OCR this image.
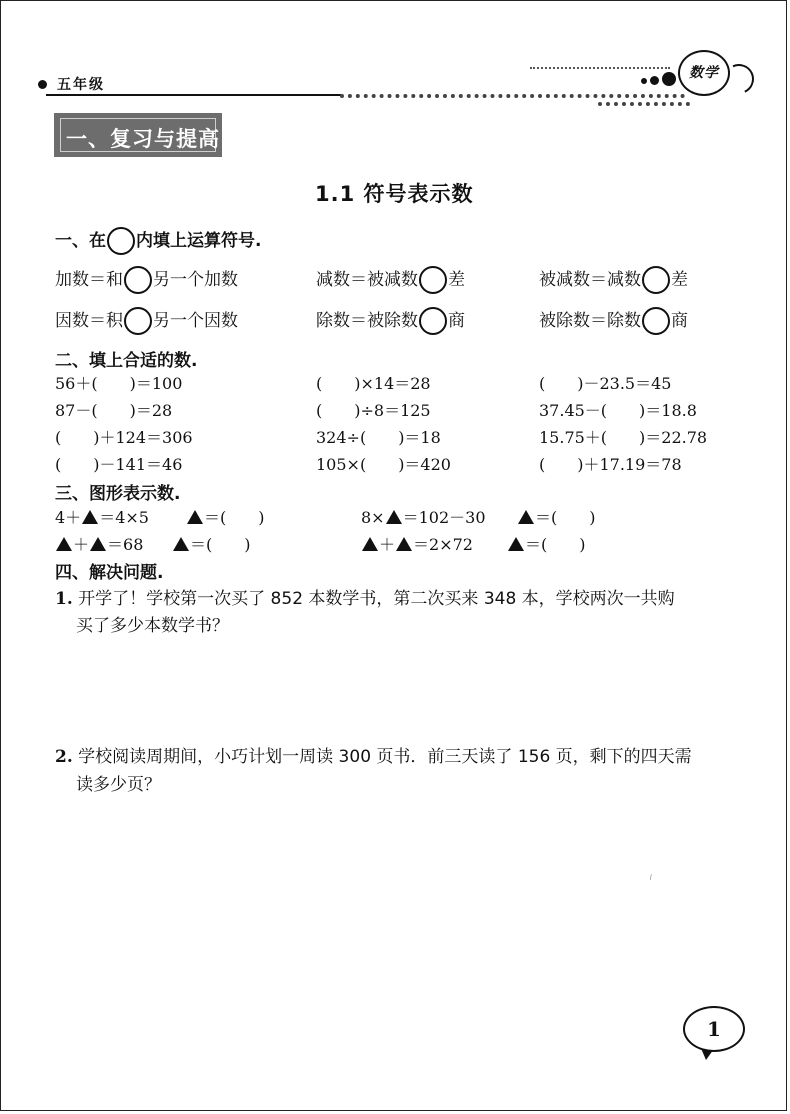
五年级
数学
一、复习与提高
1.1 符号表示数
一、在 内填上运算符号.
加数＝和 另一个加数	减数＝被减数 差	被减数＝减数 差
因数＝积 另一个因数	除数＝被除数 商	被除数＝除数 商
二、填上合适的数.
56＋(　　)＝100	(　　)×14＝28	(　　)－23.5＝45
87－(　　)＝28	(　　)÷8＝125	37.45－(　　)＝18.8
(　　)＋124＝306	324÷(　　)＝18	15.75＋(　　)＝22.78
(　　)－141＝46	105×(　　)＝420	(　　)＋17.19＝78
三、图形表示数.
4＋ ＝4×5	＝(　　)	8× ＝102－30	＝(　　)
＋ ＝68	＝(　　)	＋ ＝2×72	＝(　　)
四、解决问题.
1. 开学了！学校第一次买了 852 本数学书，第二次买来 348 本，学校两次一共购
买了多少本数学书？
2. 学校阅读周期间，小巧计划一周读 300 页书．前三天读了 156 页，剩下的四天需
读多少页？
⸝
1
